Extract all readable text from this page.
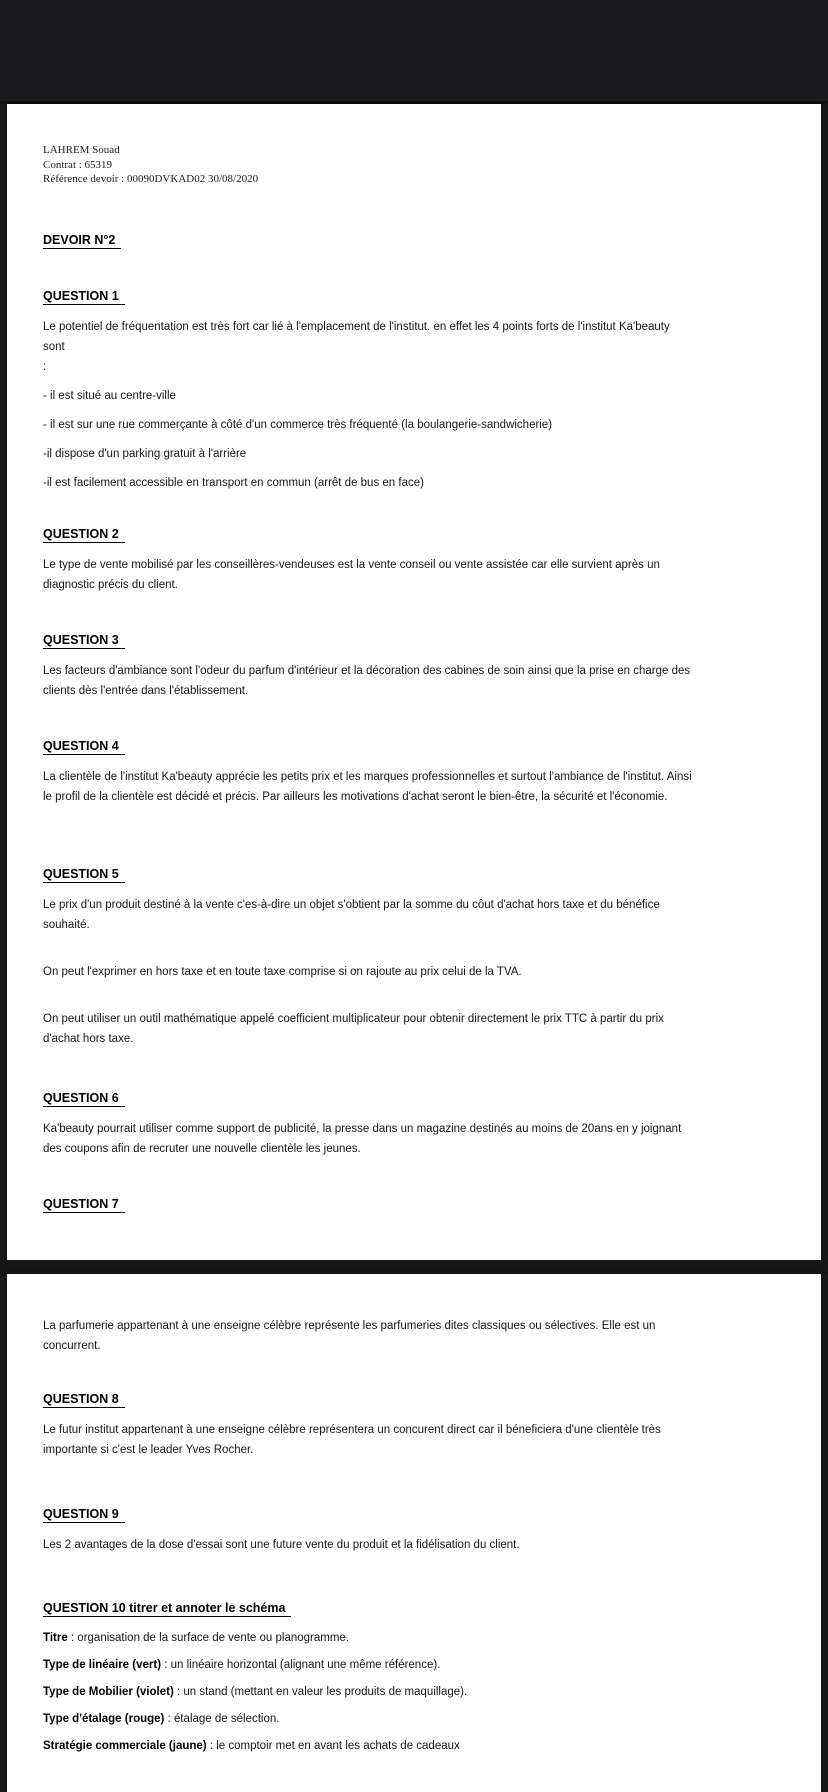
LAHREM Souad
Contrat : 65319
Référence devoir : 00090DVKAD02 30/08/2020
DEVOIR N°2

QUESTION 1

Le potentiel de fréquentation est très fort car lié à l'emplacement de l'institut. en effet les 4 points forts de l'institut Ka'beauty sont

:

- il est situé au centre-ville

- il est sur une rue commerçante à côté d'un commerce très fréquenté (la boulangerie-sandwicherie)

-il dispose d'un parking gratuit à l'arrière

-il est facilement accessible en transport en commun (arrêt de bus en face)

QUESTION 2

Le type de vente mobilisé par les conseillères-vendeuses est la vente conseil ou vente assistée car elle survient après un diagnostic précis du client.

QUESTION 3

Les facteurs d'ambiance sont l'odeur du parfum d'intérieur et la décoration des cabines de soin ainsi que la prise en charge des clients dès l'entrée dans l'établissement.

QUESTION 4

La clientèle de l'institut Ka'beauty apprécie les petits prix et les marques professionnelles et surtout l'ambiance de l'institut. Ainsi le profil de la clientèle est décidé et précis. Par ailleurs les motivations d'achat seront le bien-être, la sécurité et l'économie.

QUESTION 5

Le prix d'un produit destiné à la vente c'es-à-dire un objet s'obtient par la somme du côut d'achat hors taxe et du bénéfice souhaité.

On peut l'exprimer en hors taxe et en toute taxe comprise si on rajoute au prix celui de la TVA.

On peut utiliser un outil mathématique appelé coefficient multiplicateur pour obtenir directement le prix TTC à partir du prix d'achat hors taxe.

QUESTION 6

Ka'beauty pourrait utiliser comme support de publicité, la presse dans un magazine destinés au moins de 20ans en y joignant des coupons afin de recruter une nouvelle clientèle les jeunes.

QUESTION 7

La parfumerie appartenant à une enseigne célèbre représente les parfumeries dites classiques ou sélectives. Elle est un concurrent.

QUESTION 8

Le futur institut appartenant à une enseigne célèbre représentera un concurent direct car il béneficiera d'une clientèle très importante si c'est le leader Yves Rocher.

QUESTION 9

Les 2 avantages de la dose d'essai sont une future vente du produit et la fidélisation du client.

QUESTION 10 titrer et annoter le schéma

Titre : organisation de la surface de vente ou planogramme.

Type de linéaire (vert) : un linéaire horizontal (alignant une même référence).

Type de Mobilier (violet) : un stand (mettant en valeur les produits de maquillage).

Type d'étalage (rouge) : étalage de sélection.

Stratégie commerciale (jaune) : le comptoir met en avant les achats de cadeaux
